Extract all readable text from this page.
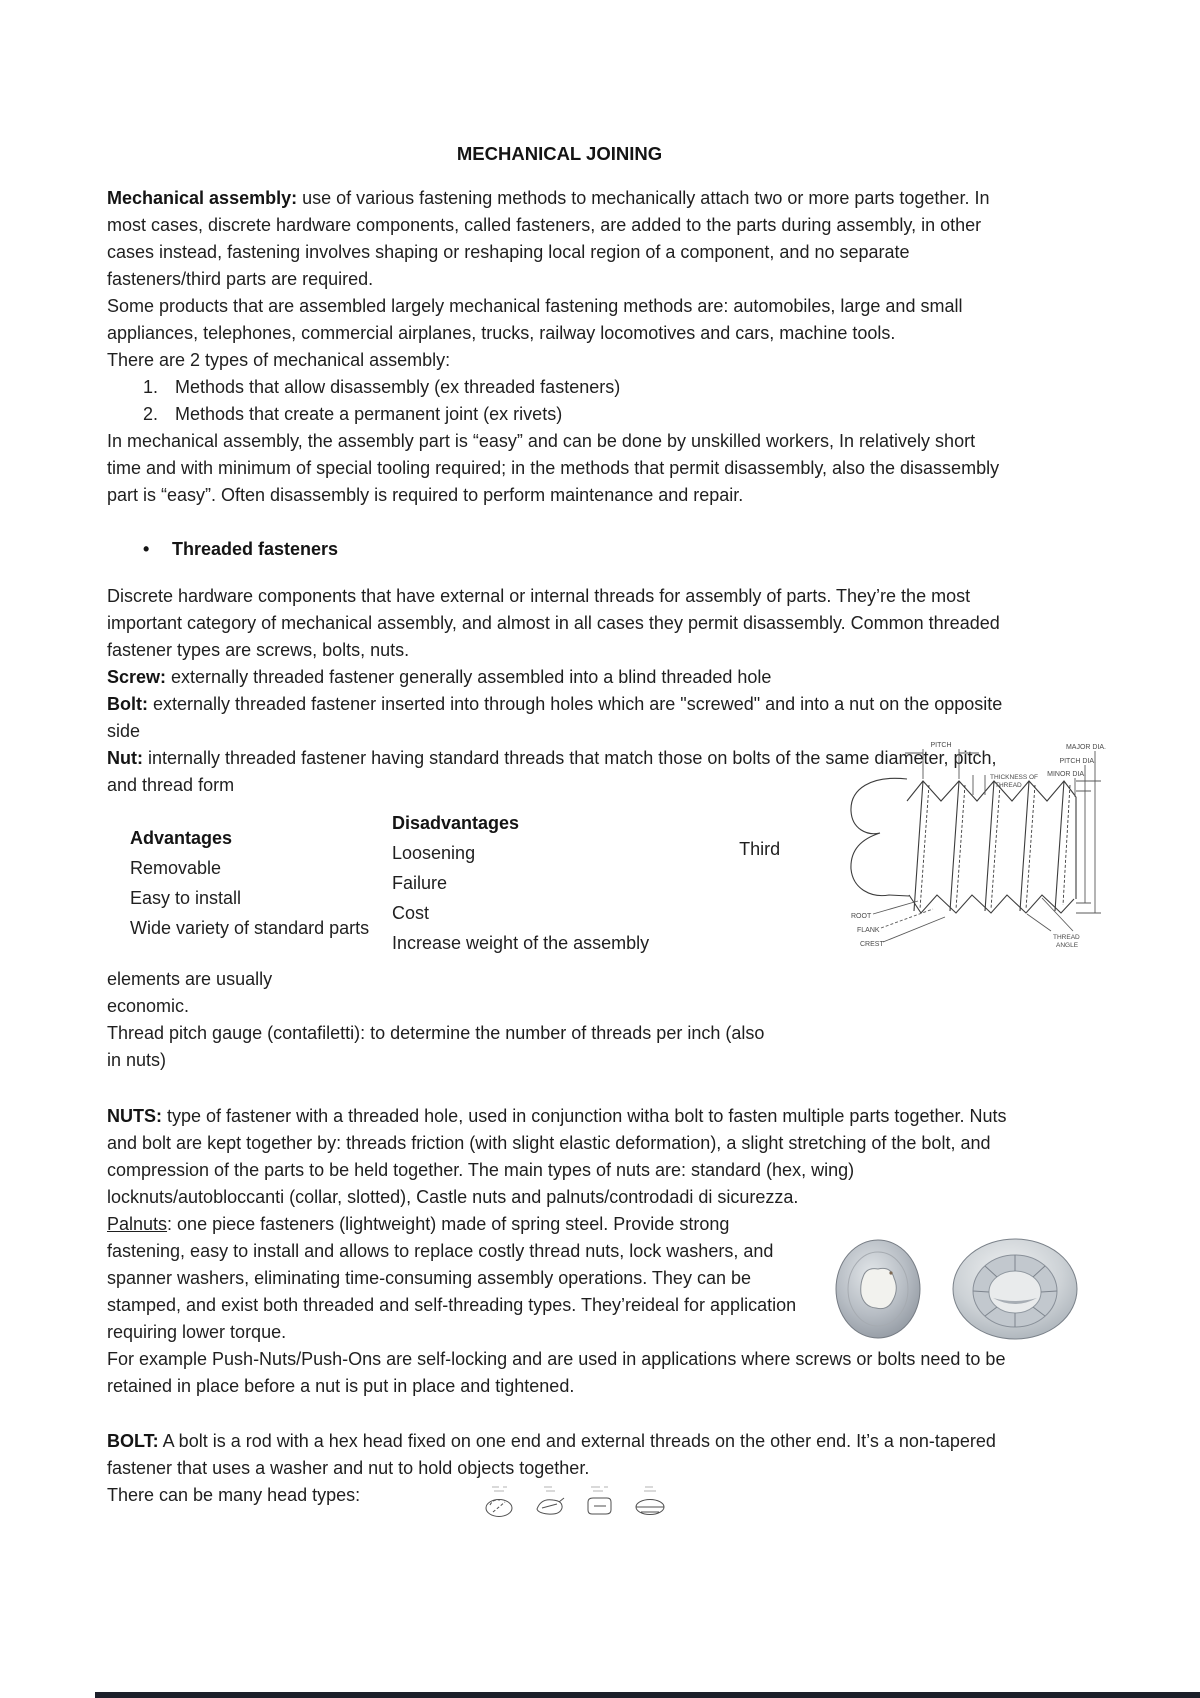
MECHANICAL JOINING

Mechanical assembly: use of various fastening methods to mechanically attach two or more parts together. In most cases, discrete hardware components, called fasteners, are added to the parts during assembly, in other cases instead, fastening involves shaping or reshaping local region of a component, and no separate fasteners/third parts are required.

Some products that are assembled largely mechanical fastening methods are: automobiles, large and small appliances, telephones, commercial airplanes, trucks, railway locomotives and cars, machine tools.

There are 2 types of mechanical assembly:

1. Methods that allow disassembly (ex threaded fasteners)
2. Methods that create a permanent joint (ex rivets)

In mechanical assembly, the assembly part is “easy” and can be done by unskilled workers, In relatively short time and with minimum of special tooling required; in the methods that permit disassembly, also the disassembly part is “easy”. Often disassembly is required to perform maintenance and repair.

• Threaded fasteners

Discrete hardware components that have external or internal threads for assembly of parts. They’re the most important category of mechanical assembly, and almost in all cases they permit disassembly. Common threaded fastener types are screws, bolts, nuts.

Screw: externally threaded fastener generally assembled into a blind threaded hole

Bolt: externally threaded fastener inserted into through holes which are "screwed" and into a nut on the opposite side

Nut: internally threaded fastener having standard threads that match those on bolts of the same diameter, pitch, and thread form

Advantages
Removable
Easy to install
Wide variety of standard parts
Disadvantages
Loosening
Failure
Cost
Increase weight of the assembly
Third

elements are usually

economic.

Thread pitch gauge (contafiletti): to determine the number of threads per inch (also
in nuts)

NUTS: type of fastener with a threaded hole, used in conjunction witha bolt to fasten multiple parts together. Nuts and bolt are kept together by: threads friction (with slight elastic deformation), a slight stretching of the bolt, and compression of the parts to be held together. The main types of nuts are: standard (hex, wing) locknuts/autobloccanti (collar, slotted), Castle nuts and palnuts/controdadi di sicurezza.

Palnuts: one piece fasteners (lightweight) made of spring steel. Provide strong fastening, easy to install and allows to replace costly thread nuts, lock washers, and spanner washers, eliminating time-consuming assembly operations. They can be stamped, and exist both threaded and self-threading types. They’reideal for application requiring lower torque.

For example Push-Nuts/Push-Ons are self-locking and are used in applications where screws or bolts need to be retained in place before a nut is put in place and tightened.

BOLT: A bolt is a rod with a hex head fixed on one end and external threads on the other end. It’s a non-tapered fastener that uses a washer and nut to hold objects together.

There can be many head types:
PITCH	MAJOR DIA.
PITCH DIA.
MINOR DIA.
THICKNESS OF
THREAD
ROOT
FLANK
CREST
THREAD
ANGLE
